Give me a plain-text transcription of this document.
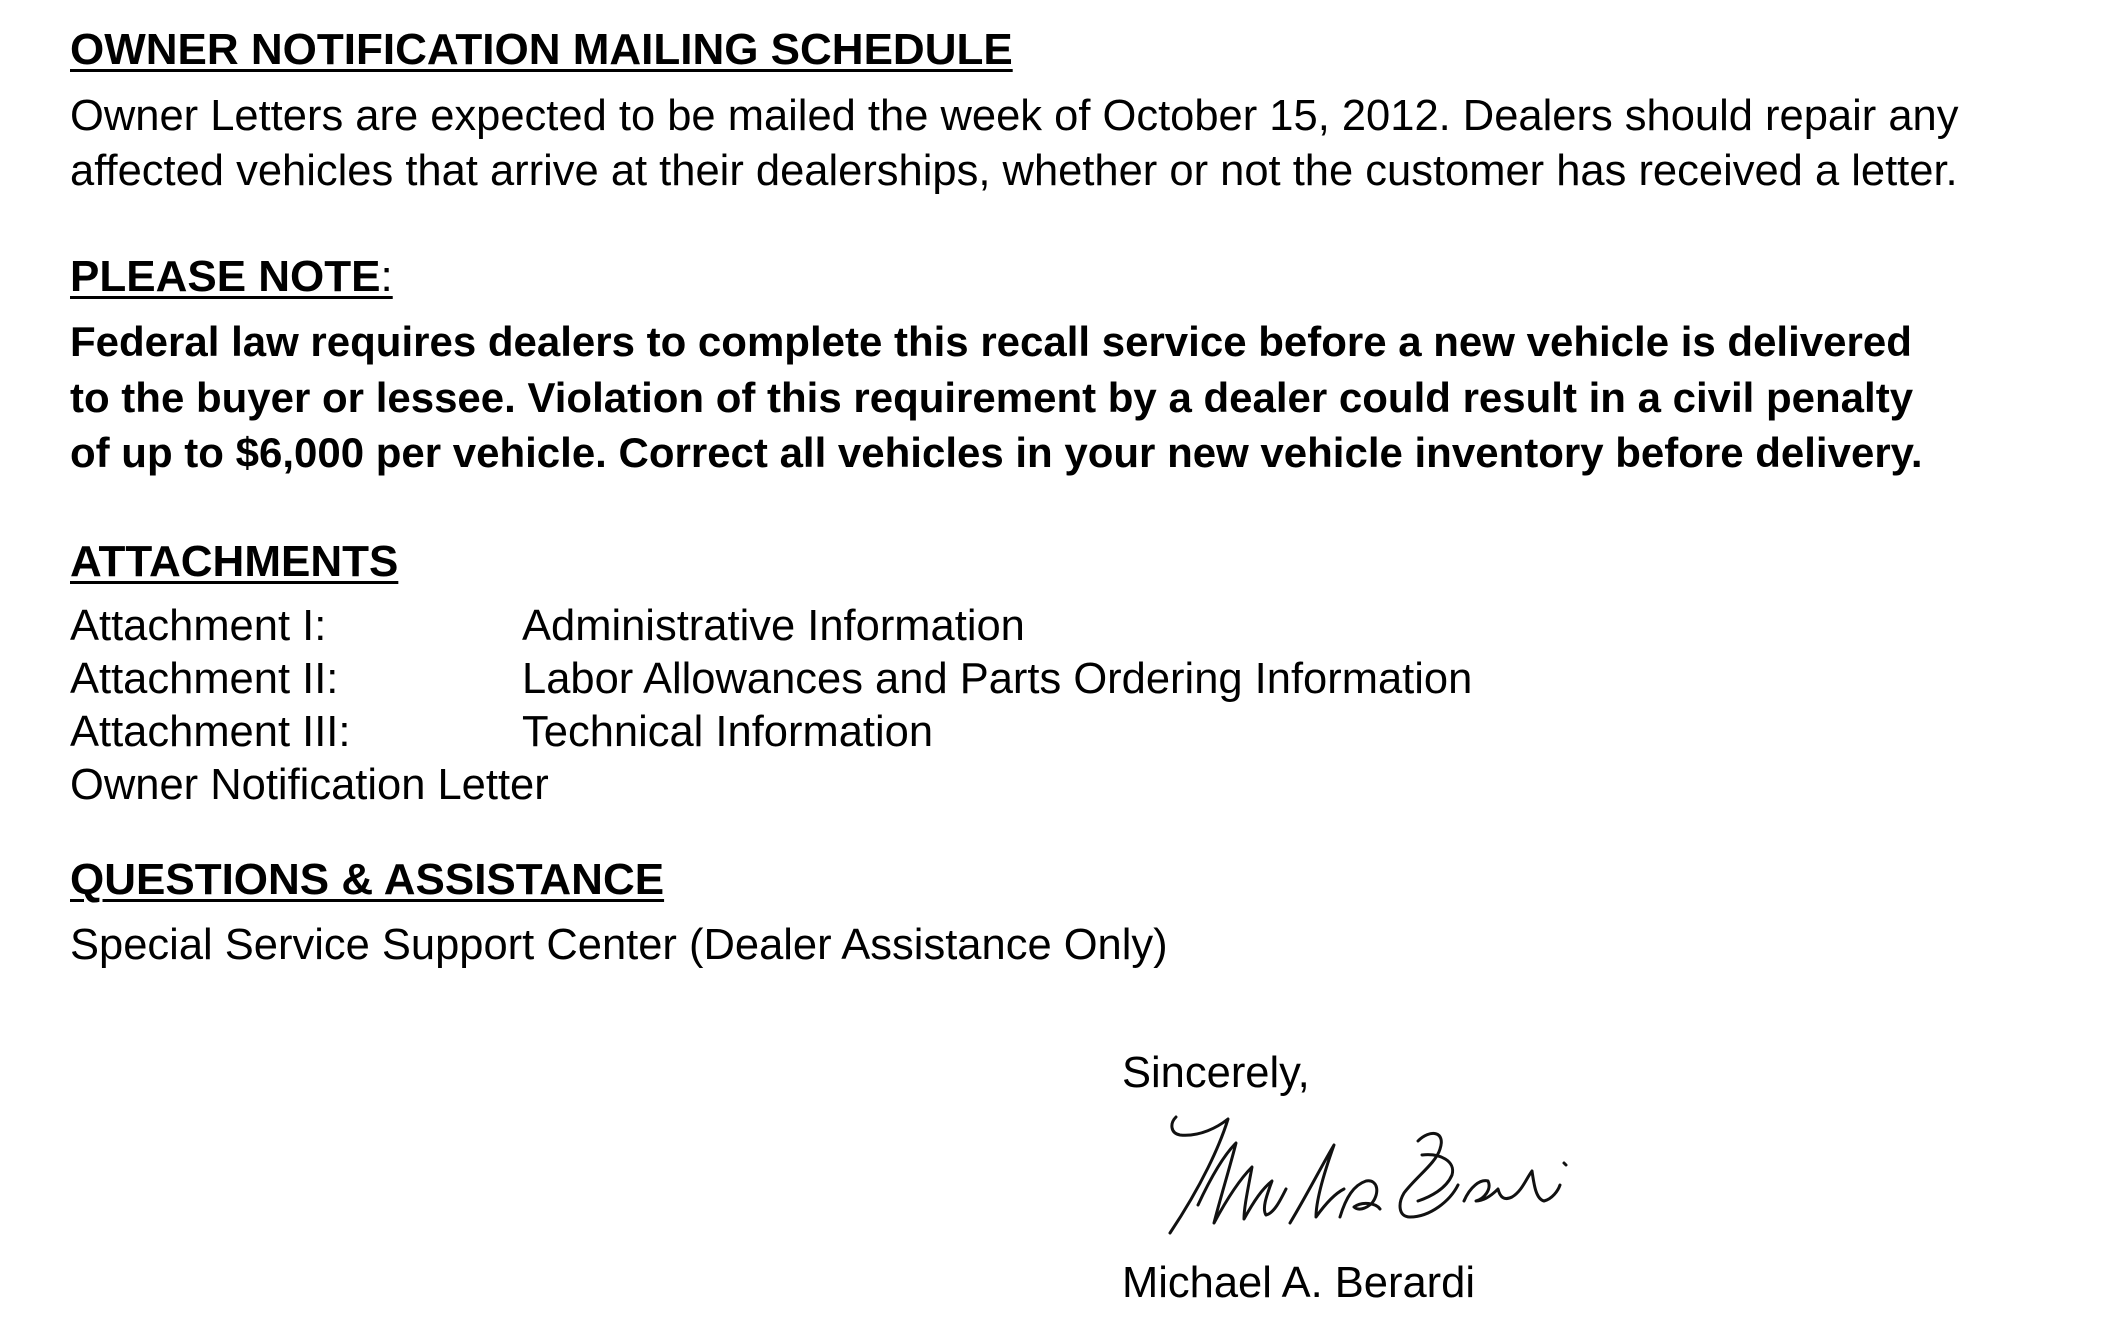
OWNER NOTIFICATION MAILING SCHEDULE
Owner Letters are expected to be mailed the week of October 15, 2012. Dealers should repair any
affected vehicles that arrive at their dealerships, whether or not the customer has received a letter.
PLEASE NOTE:
Federal law requires dealers to complete this recall service before a new vehicle is delivered
to the buyer or lessee. Violation of this requirement by a dealer could result in a civil penalty
of up to $6,000 per vehicle. Correct all vehicles in your new vehicle inventory before delivery.
ATTACHMENTS
Attachment I:	Administrative Information
Attachment II:	Labor Allowances and Parts Ordering Information
Attachment III:	Technical Information
Owner Notification Letter
QUESTIONS & ASSISTANCE
Special Service Support Center (Dealer Assistance Only)
Sincerely,
Michael A. Berardi
